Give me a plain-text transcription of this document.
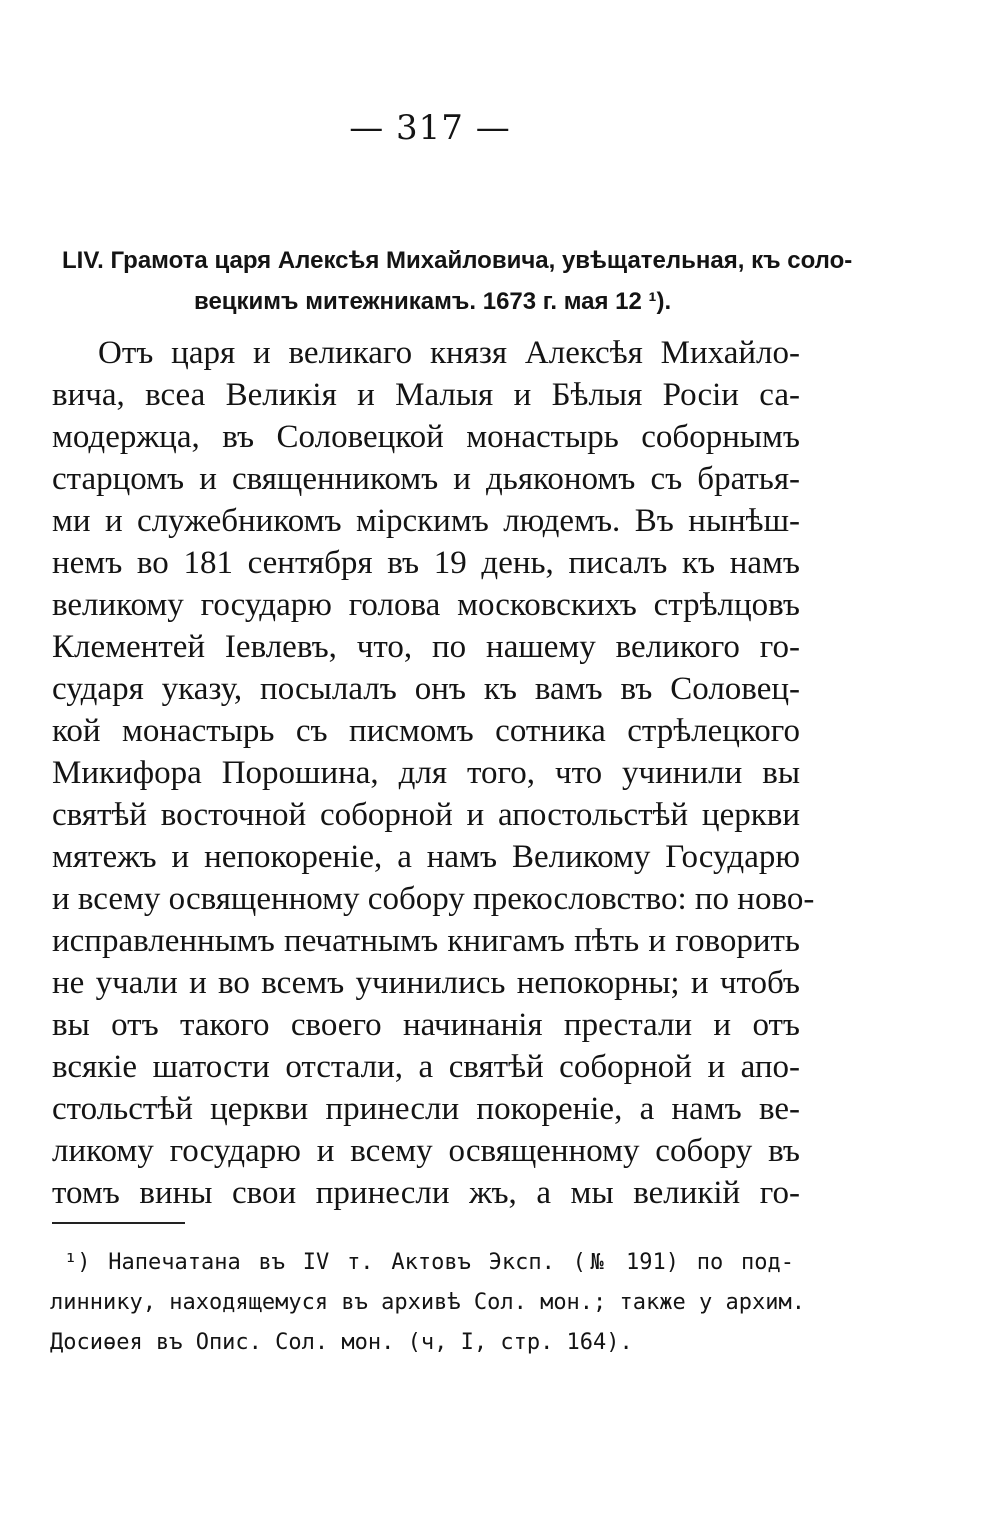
— 317 —
LIV. Грамота царя Алексѣя Михайловича, увѣщательная, къ соло-
вецкимъ митежникамъ. 1673 г. мая 12 ¹).
Отъ царя и великаго князя Алексѣя Михайло-
вича, всеа Великія и Малыя и Бѣлыя Росіи са-
модержца, въ Соловецкой монастырь соборнымъ
старцомъ и священникомъ и дьякономъ съ братья-
ми и служебникомъ мірскимъ людемъ. Въ нынѣш-
немъ во 181 сентября въ 19 день, писалъ къ намъ
великому государю голова московскихъ стрѣлцовъ
Клементей Іевлевъ, что, по нашему великого го-
сударя указу, посылалъ онъ къ вамъ въ Соловец-
кой монастырь съ писмомъ сотника стрѣлецкого
Микифора Порошина, для того, что учинили вы
святѣй восточной соборной и апостольстѣй церкви
мятежъ и непокореніе, а намъ Великому Государю
и всему освященному собору прекословство: по ново-
исправленнымъ печатнымъ книгамъ пѣть и говорить
не учали и во всемъ учинились непокорны; и чтобъ
вы отъ такого своего начинанія престали и отъ
всякіе шатости отстали, а святѣй соборной и апо-
стольстѣй церкви принесли покореніе, а намъ ве-
ликому государю и всему освященному собору въ
томъ вины свои принесли жъ, а мы великій го-
¹) Напечатана въ IV т. Актовъ Эксп. (№ 191) по под-
линнику, находящемуся въ архивѣ Сол. мон.; также у архим.
Досиѳея въ Опис. Сол. мон. (ч, I, стр. 164).
